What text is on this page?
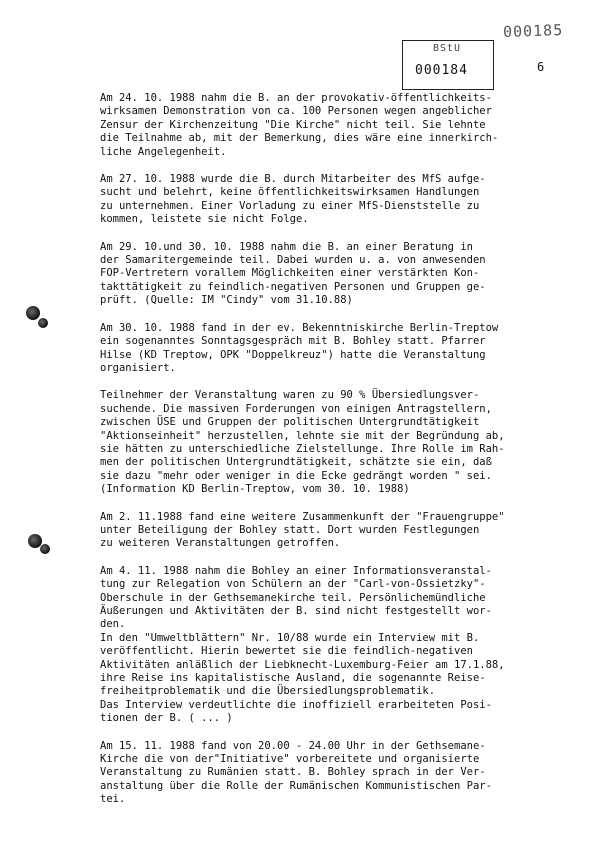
000185
BStU
000184	6
Am 24. 10. 1988 nahm die B. an der provokativ-öffentlichkeits-
wirksamen Demonstration von ca. 100 Personen wegen angeblicher
Zensur der Kirchenzeitung "Die Kirche" nicht teil. Sie lehnte
die Teilnahme ab, mit der Bemerkung, dies wäre eine innerkirch-
liche Angelegenheit.
Am 27. 10. 1988 wurde die B. durch Mitarbeiter des MfS aufge-
sucht und belehrt, keine öffentlichkeitswirksamen Handlungen
zu unternehmen. Einer Vorladung zu einer MfS-Dienststelle zu
kommen, leistete sie nicht Folge.
Am 29. 10.und 30. 10. 1988 nahm die B. an einer Beratung in
der Samaritergemeinde teil. Dabei wurden u. a. von anwesenden
FOP-Vertretern vorallem Möglichkeiten einer verstärkten Kon-
takttätigkeit zu feindlich-negativen Personen und Gruppen ge-
prüft. (Quelle: IM "Cindy" vom 31.10.88)
Am 30. 10. 1988 fand in der ev. Bekenntniskirche Berlin-Treptow
ein sogenanntes Sonntagsgespräch mit B. Bohley statt. Pfarrer
Hilse (KD Treptow, OPK "Doppelkreuz") hatte die Veranstaltung
organisiert.
Teilnehmer der Veranstaltung waren zu 90 % Übersiedlungsver-
suchende. Die massiven Forderungen von einigen Antragstellern,
zwischen ÜSE und Gruppen der politischen Untergrundtätigkeit
"Aktionseinheit" herzustellen, lehnte sie mit der Begründung ab,
sie hätten zu unterschiedliche Zielstellunge. Ihre Rolle im Rah-
men der politischen Untergrundtätigkeit, schätzte sie ein, daß
sie dazu "mehr oder weniger in die Ecke gedrängt worden " sei.
(Information KD Berlin-Treptow, vom 30. 10. 1988)
Am 2. 11.1988 fand eine weitere Zusammenkunft der "Frauengruppe"
unter Beteiligung der Bohley statt. Dort wurden Festlegungen
zu weiteren Veranstaltungen getroffen.
Am 4. 11. 1988 nahm die Bohley an einer Informationsveranstal-
tung zur Relegation von Schülern an der "Carl-von-Ossietzky"-
Oberschule in der Gethsemanekirche teil. Persönlichemündliche
Äußerungen und Aktivitäten der B. sind nicht festgestellt wor-
den.
In den "Umweltblättern" Nr. 10/88 wurde ein Interview mit B.
veröffentlicht. Hierin bewertet sie die feindlich-negativen
Aktivitäten anläßlich der Liebknecht-Luxemburg-Feier am 17.1.88,
ihre Reise ins kapitalistische Ausland, die sogenannte Reise-
freiheitproblematik und die Übersiedlungsproblematik.
Das Interview verdeutlichte die inoffiziell erarbeiteten Posi-
tionen der B. ( ... )
Am 15. 11. 1988 fand von 20.00 - 24.00 Uhr in der Gethsemane-
Kirche die von der"Initiative" vorbereitete und organisierte
Veranstaltung zu Rumänien statt. B. Bohley sprach in der Ver-
anstaltung über die Rolle der Rumänischen Kommunistischen Par-
tei.
